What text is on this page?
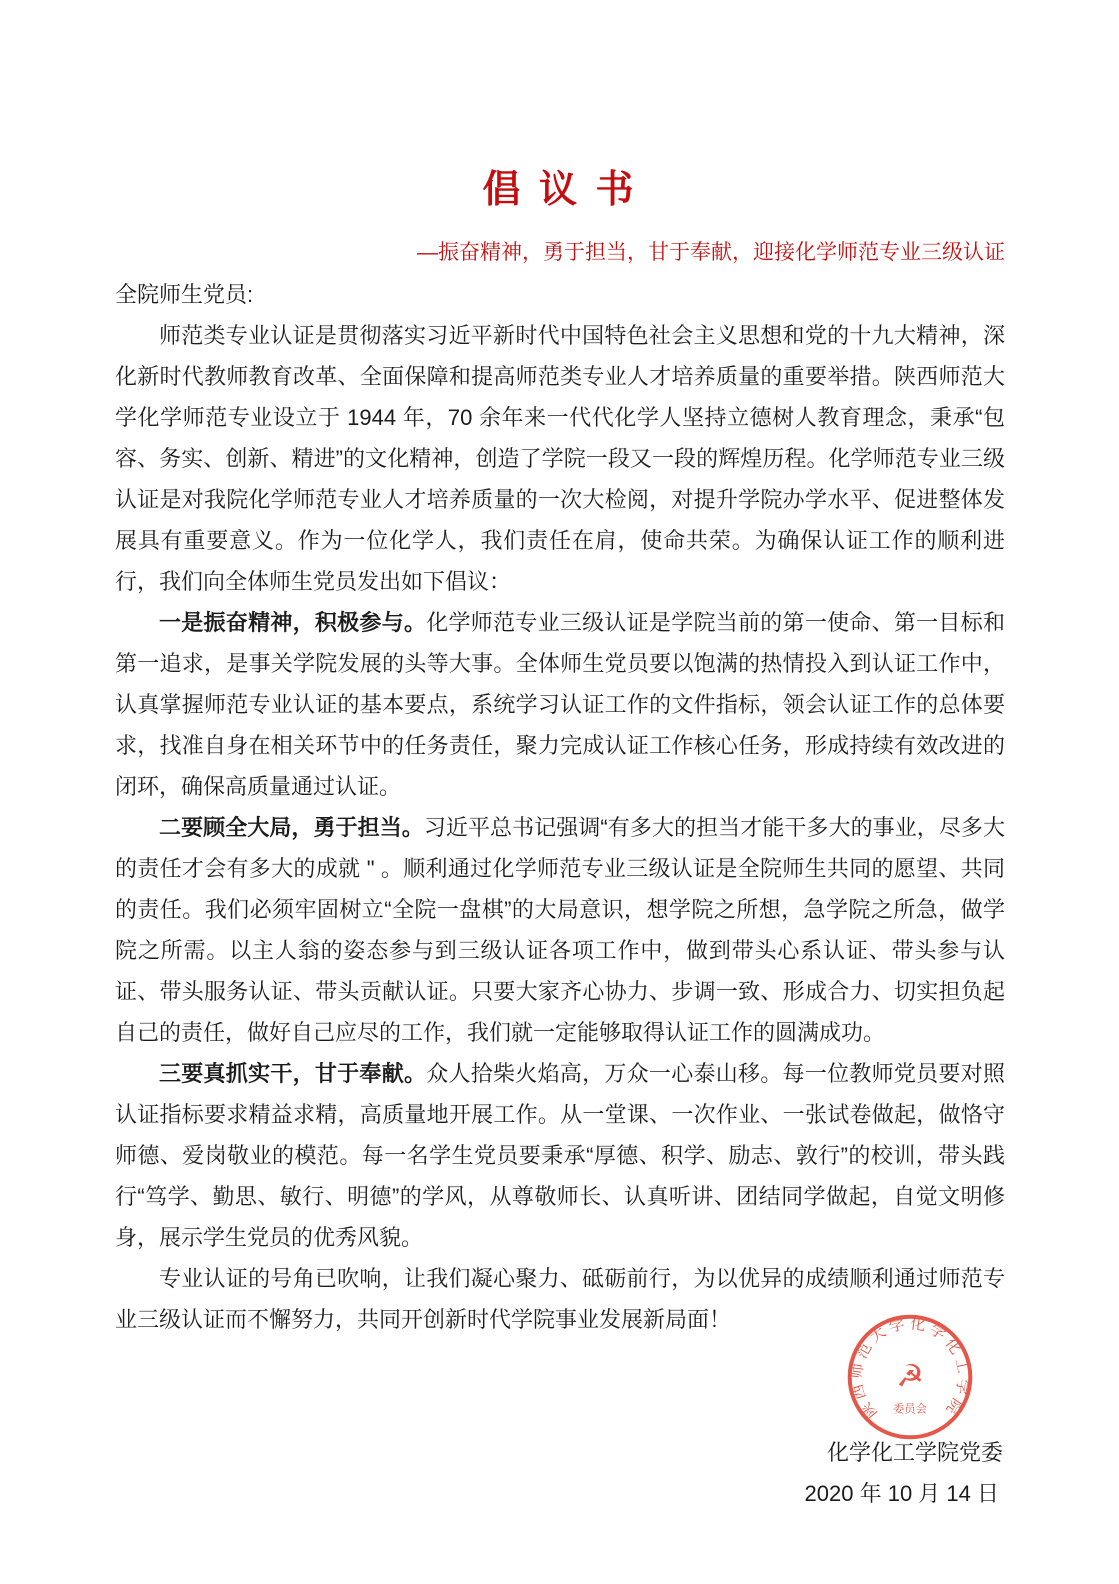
倡 议 书
—振奋精神，勇于担当，甘于奉献，迎接化学师范专业三级认证
全院师生党员:

师范类专业认证是贯彻落实习近平新时代中国特色社会主义思想和党的十九大精神，深化新时代教师教育改革、全面保障和提高师范类专业人才培养质量的重要举措。陕西师范大学化学师范专业设立于 1944 年，70 余年来一代代化学人坚持立德树人教育理念，秉承“包容、务实、创新、精进”的文化精神，创造了学院一段又一段的辉煌历程。化学师范专业三级认证是对我院化学师范专业人才培养质量的一次大检阅，对提升学院办学水平、促进整体发展具有重要意义。作为一位化学人，我们责任在肩，使命共荣。为确保认证工作的顺利进行，我们向全体师生党员发出如下倡议：

一是振奋精神，积极参与。化学师范专业三级认证是学院当前的第一使命、第一目标和第一追求，是事关学院发展的头等大事。全体师生党员要以饱满的热情投入到认证工作中，认真掌握师范专业认证的基本要点，系统学习认证工作的文件指标，领会认证工作的总体要求，找准自身在相关环节中的任务责任，聚力完成认证工作核心任务，形成持续有效改进的闭环，确保高质量通过认证。

二要顾全大局，勇于担当。习近平总书记强调“有多大的担当才能干多大的事业，尽多大的责任才会有多大的成就 " 。顺利通过化学师范专业三级认证是全院师生共同的愿望、共同的责任。我们必须牢固树立“全院一盘棋”的大局意识，想学院之所想，急学院之所急，做学院之所需。以主人翁的姿态参与到三级认证各项工作中，做到带头心系认证、带头参与认证、带头服务认证、带头贡献认证。只要大家齐心协力、步调一致、形成合力、切实担负起自己的责任，做好自己应尽的工作，我们就一定能够取得认证工作的圆满成功。

三要真抓实干，甘于奉献。众人拾柴火焰高，万众一心泰山移。每一位教师党员要对照认证指标要求精益求精，高质量地开展工作。从一堂课、一次作业、一张试卷做起，做恪守师德、爱岗敬业的模范。每一名学生党员要秉承“厚德、积学、励志、敦行”的校训，带头践行“笃学、勤思、敏行、明德”的学风，从尊敬师长、认真听讲、团结同学做起，自觉文明修身，展示学生党员的优秀风貌。

专业认证的号角已吹响，让我们凝心聚力、砥砺前行，为以优异的成绩顺利通过师范专业三级认证而不懈努力，共同开创新时代学院事业发展新局面！

化学化工学院党委
2020 年 10 月 14 日
陕西师范大学化学化工学院
☭
委员会
